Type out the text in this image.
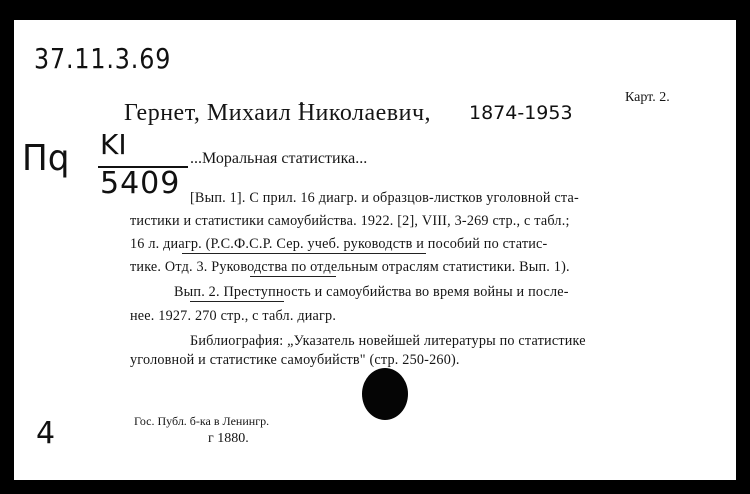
37.11.3.69
Карт. 2.
Гернет, Михаил Николаевич, 1874-1953
Пq KI
5409
...Моральная статистика...
[Вып. 1]. С прил. 16 диагр. и образцов-листков уголовной ста-
тистики и статистики самоубийства. 1922. [2], VIII, 3-269 стр., с табл.;
16 л. диагр. (Р.С.Ф.С.Р. Сер. учеб. руководств и пособий по статис-
тике. Отд. 3. Руководства по отдельным отраслям статистики. Вып. 1).
Вып. 2. Преступность и самоубийства во время войны и после-
нее. 1927. 270 стр., с табл. диагр.
Библиография: „Указатель новейшей литературы по статистике
уголовной и статистике самоубийств" (стр. 250-260).
Гос. Публ. б-ка в Ленингр.
г 1880.
4
